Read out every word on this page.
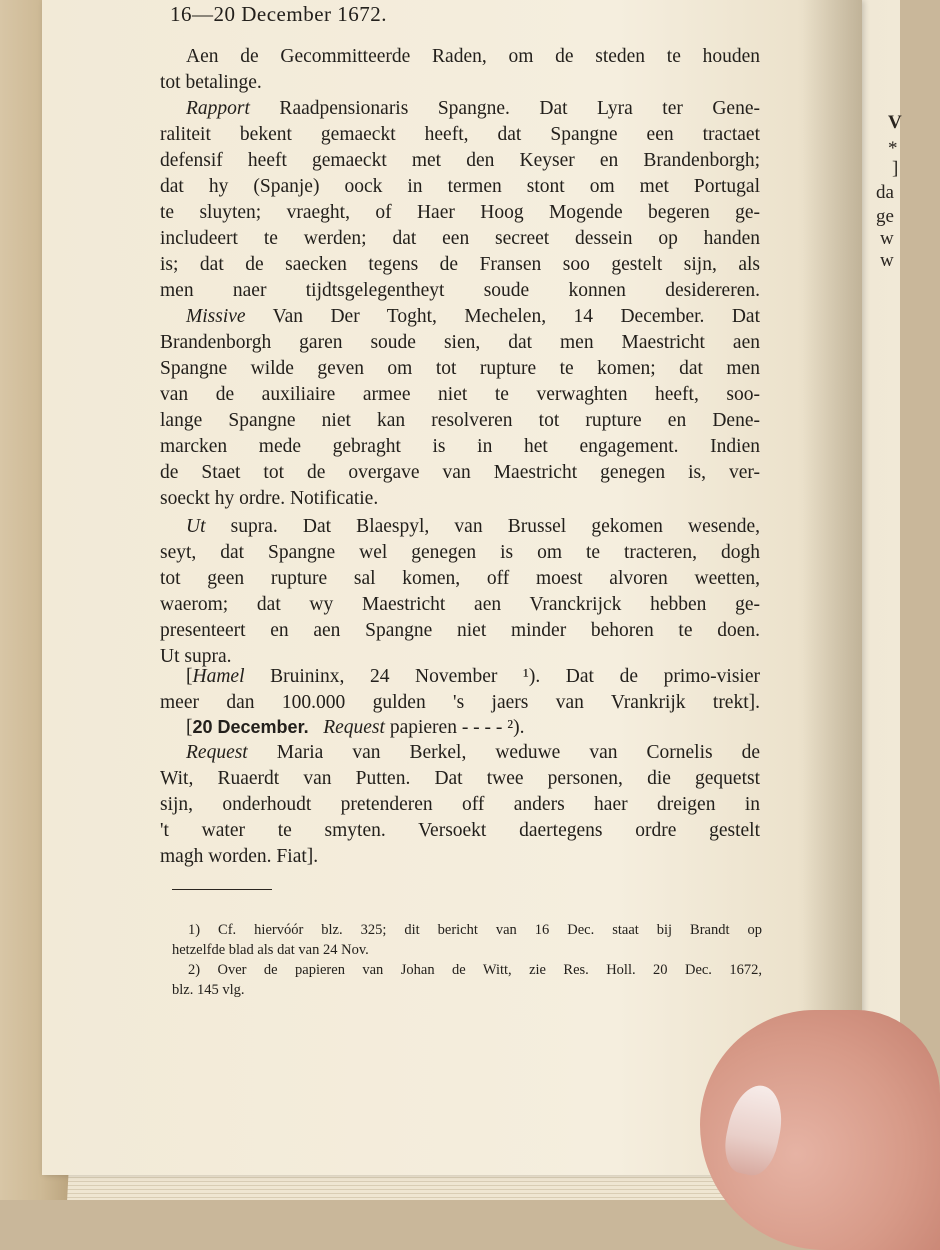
V
*
]
da
ge
w
w
16—20 December 1672.
Aen de Gecommitteerde Raden, om de steden te houden
tot betalinge.
Rapport Raadpensionaris Spangne. Dat Lyra ter Gene-
raliteit bekent gemaeckt heeft, dat Spangne een tractaet
defensif heeft gemaeckt met den Keyser en Brandenborgh;
dat hy (Spanje) oock in termen stont om met Portugal
te sluyten; vraeght, of Haer Hoog Mogende begeren ge-
includeert te werden; dat een secreet dessein op handen
is; dat de saecken tegens de Fransen soo gestelt sijn, als
men naer tijdtsgelegentheyt soude konnen desidereren.
Missive Van Der Toght, Mechelen, 14 December. Dat
Brandenborgh garen soude sien, dat men Maestricht aen
Spangne wilde geven om tot rupture te komen; dat men
van de auxiliaire armee niet te verwaghten heeft, soo-
lange Spangne niet kan resolveren tot rupture en Dene-
marcken mede gebraght is in het engagement. Indien
de Staet tot de overgave van Maestricht genegen is, ver-
soeckt hy ordre. Notificatie.
Ut supra. Dat Blaespyl, van Brussel gekomen wesende,
seyt, dat Spangne wel genegen is om te tracteren, dogh
tot geen rupture sal komen, off moest alvoren weetten,
waerom; dat wy Maestricht aen Vranckrijck hebben ge-
presenteert en aen Spangne niet minder behoren te doen.
Ut supra.
[Hamel Bruininx, 24 November ¹). Dat de primo-visier
meer dan 100.000 gulden 's jaers van Vrankrijk trekt].
[20 December. Request papieren - - - - ²).
Request Maria van Berkel, weduwe van Cornelis de
Wit, Ruaerdt van Putten. Dat twee personen, die gequetst
sijn, onderhoudt pretenderen off anders haer dreigen in
't water te smyten. Versoekt daertegens ordre gestelt
magh worden. Fiat].
1) Cf. hiervóór blz. 325; dit bericht van 16 Dec. staat bij Brandt op
hetzelfde blad als dat van 24 Nov.
2) Over de papieren van Johan de Witt, zie Res. Holl. 20 Dec. 1672,
blz. 145 vlg.
